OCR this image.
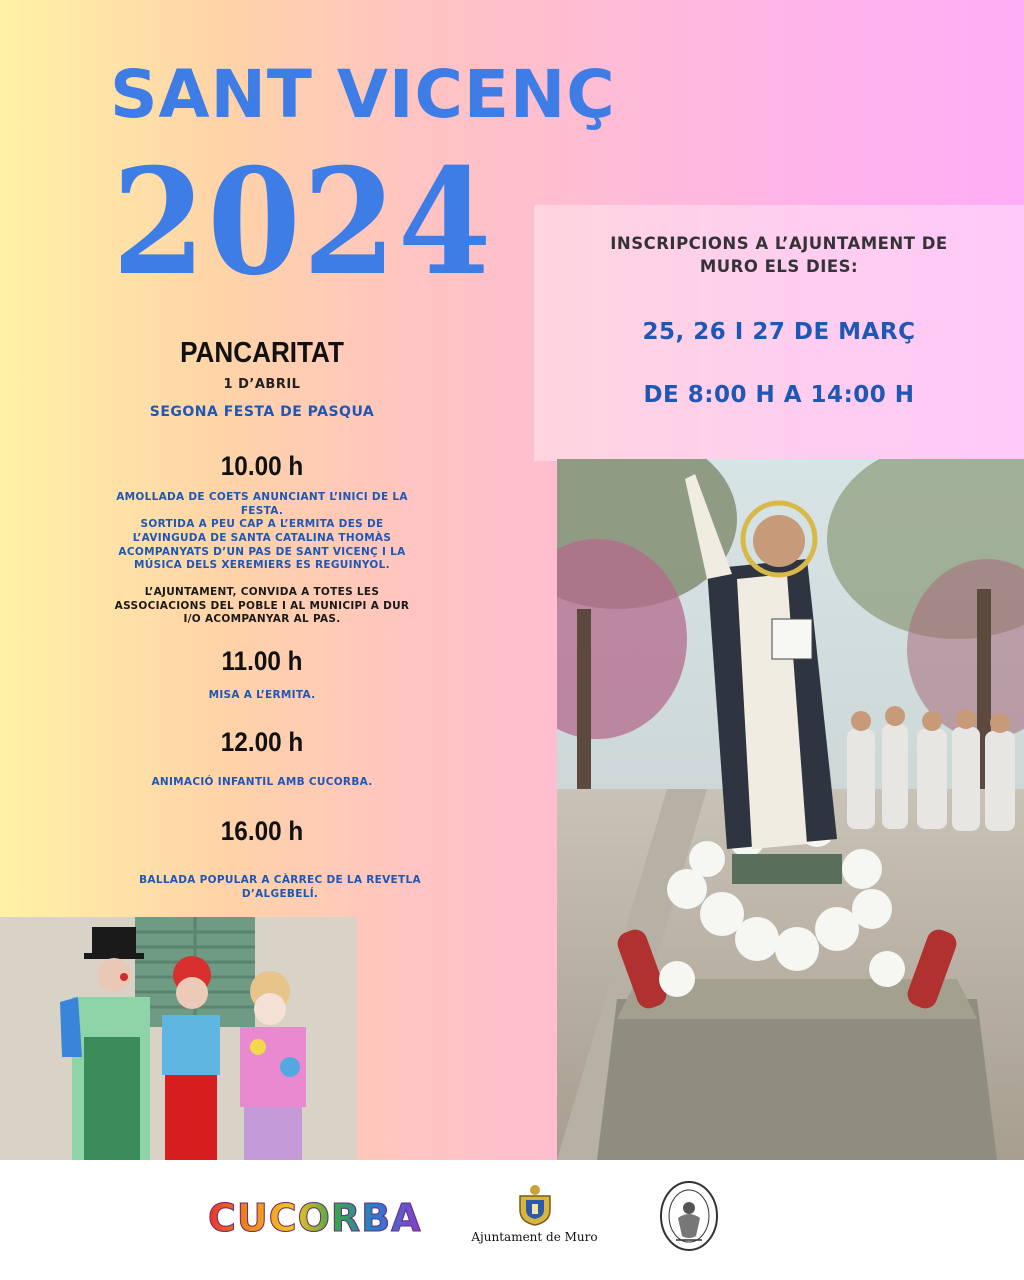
SANT VICENÇ
2024	INSCRIPCIONS A L’AJUNTAMENT DE
MURO ELS DIES:
25, 26 I 27 DE MARÇ
DE 8:00 H A 14:00 H
PANCARITAT
1 D’ABRIL
SEGONA FESTA DE PASQUA
10.00 h
AMOLLADA DE COETS ANUNCIANT L’INICI DE LA
FESTA.
SORTIDA A PEU CAP A L’ERMITA DES DE
L’AVINGUDA DE SANTA CATALINA THOMÀS
ACOMPANYATS D’UN PAS DE SANT VICENÇ I LA
MÚSICA DELS XEREMIERS ES REGUINYOL.
L’AJUNTAMENT, CONVIDA A TOTES LES
ASSOCIACIONS DEL POBLE I AL MUNICIPI A DUR
I/O ACOMPANYAR AL PAS.
11.00 h
MISA A L’ERMITA.
12.00 h
ANIMACIÓ INFANTIL AMB CUCORBA.
16.00 h
BALLADA POPULAR A CÀRREC DE LA REVETLA
D’ALGEBELÍ.
CUCORBA	Ajuntament de Muro
